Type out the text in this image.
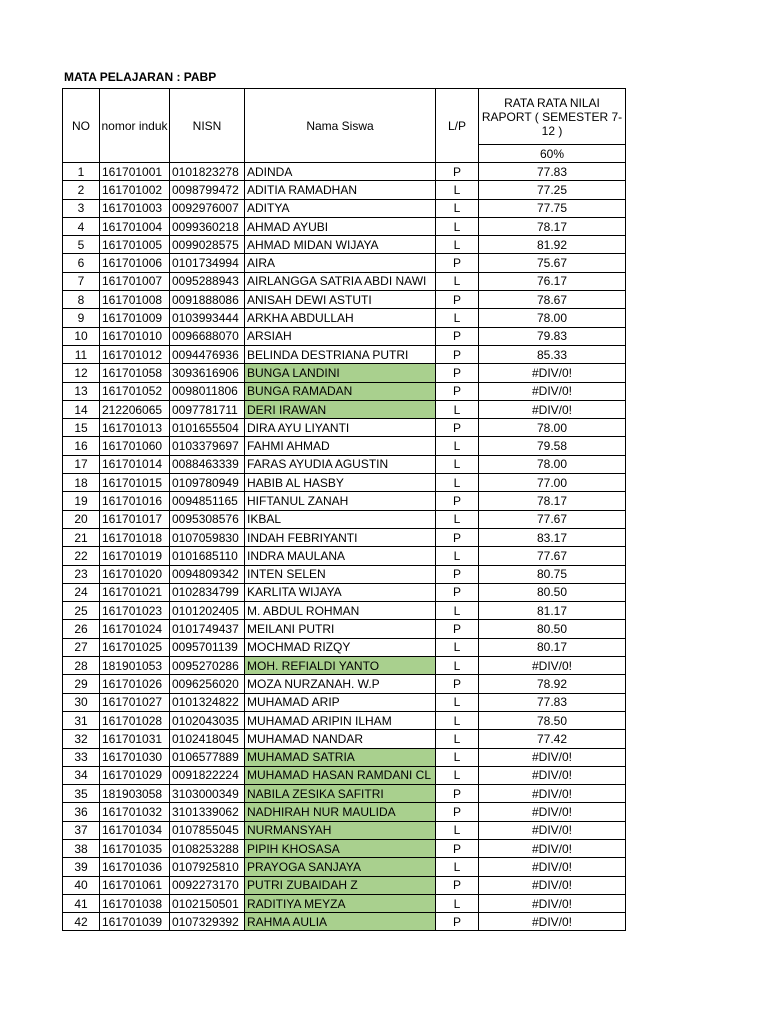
MATA PELAJARAN : PABP
NO	nomor induk	NISN	Nama Siswa	L/P	RATA RATA NILAI RAPORT ( SEMESTER 7-12 )
					60%
1	161701001	0101823278	ADINDA	P	77.83
2	161701002	0098799472	ADITIA RAMADHAN	L	77.25
3	161701003	0092976007	ADITYA	L	77.75
4	161701004	0099360218	AHMAD AYUBI	L	78.17
5	161701005	0099028575	AHMAD MIDAN WIJAYA	L	81.92
6	161701006	0101734994	AIRA	P	75.67
7	161701007	0095288943	AIRLANGGA SATRIA ABDI NAWI	L	76.17
8	161701008	0091888086	ANISAH DEWI ASTUTI	P	78.67
9	161701009	0103993444	ARKHA ABDULLAH	L	78.00
10	161701010	0096688070	ARSIAH	P	79.83
11	161701012	0094476936	BELINDA DESTRIANA PUTRI	P	85.33
12	161701058	3093616906	BUNGA LANDINI	P	#DIV/0!
13	161701052	0098011806	BUNGA RAMADAN	P	#DIV/0!
14	212206065	0097781711	DERI IRAWAN	L	#DIV/0!
15	161701013	0101655504	DIRA AYU LIYANTI	P	78.00
16	161701060	0103379697	FAHMI AHMAD	L	79.58
17	161701014	0088463339	FARAS AYUDIA AGUSTIN	L	78.00
18	161701015	0109780949	HABIB AL HASBY	L	77.00
19	161701016	0094851165	HIFTANUL ZANAH	P	78.17
20	161701017	0095308576	IKBAL	L	77.67
21	161701018	0107059830	INDAH FEBRIYANTI	P	83.17
22	161701019	0101685110	INDRA MAULANA	L	77.67
23	161701020	0094809342	INTEN SELEN	P	80.75
24	161701021	0102834799	KARLITA WIJAYA	P	80.50
25	161701023	0101202405	M. ABDUL ROHMAN	L	81.17
26	161701024	0101749437	MEILANI PUTRI	P	80.50
27	161701025	0095701139	MOCHMAD RIZQY	L	80.17
28	181901053	0095270286	MOH. REFIALDI YANTO	L	#DIV/0!
29	161701026	0096256020	MOZA NURZANAH. W.P	P	78.92
30	161701027	0101324822	MUHAMAD ARIP	L	77.83
31	161701028	0102043035	MUHAMAD ARIPIN ILHAM	L	78.50
32	161701031	0102418045	MUHAMAD NANDAR	L	77.42
33	161701030	0106577889	MUHAMAD SATRIA	L	#DIV/0!
34	161701029	0091822224	MUHAMAD HASAN RAMDANI CL	L	#DIV/0!
35	181903058	3103000349	NABILA ZESIKA SAFITRI	P	#DIV/0!
36	161701032	3101339062	NADHIRAH NUR MAULIDA	P	#DIV/0!
37	161701034	0107855045	NURMANSYAH	L	#DIV/0!
38	161701035	0108253288	PIPIH KHOSASA	P	#DIV/0!
39	161701036	0107925810	PRAYOGA SANJAYA	L	#DIV/0!
40	161701061	0092273170	PUTRI ZUBAIDAH Z	P	#DIV/0!
41	161701038	0102150501	RADITIYA MEYZA	L	#DIV/0!
42	161701039	0107329392	RAHMA AULIA	P	#DIV/0!
